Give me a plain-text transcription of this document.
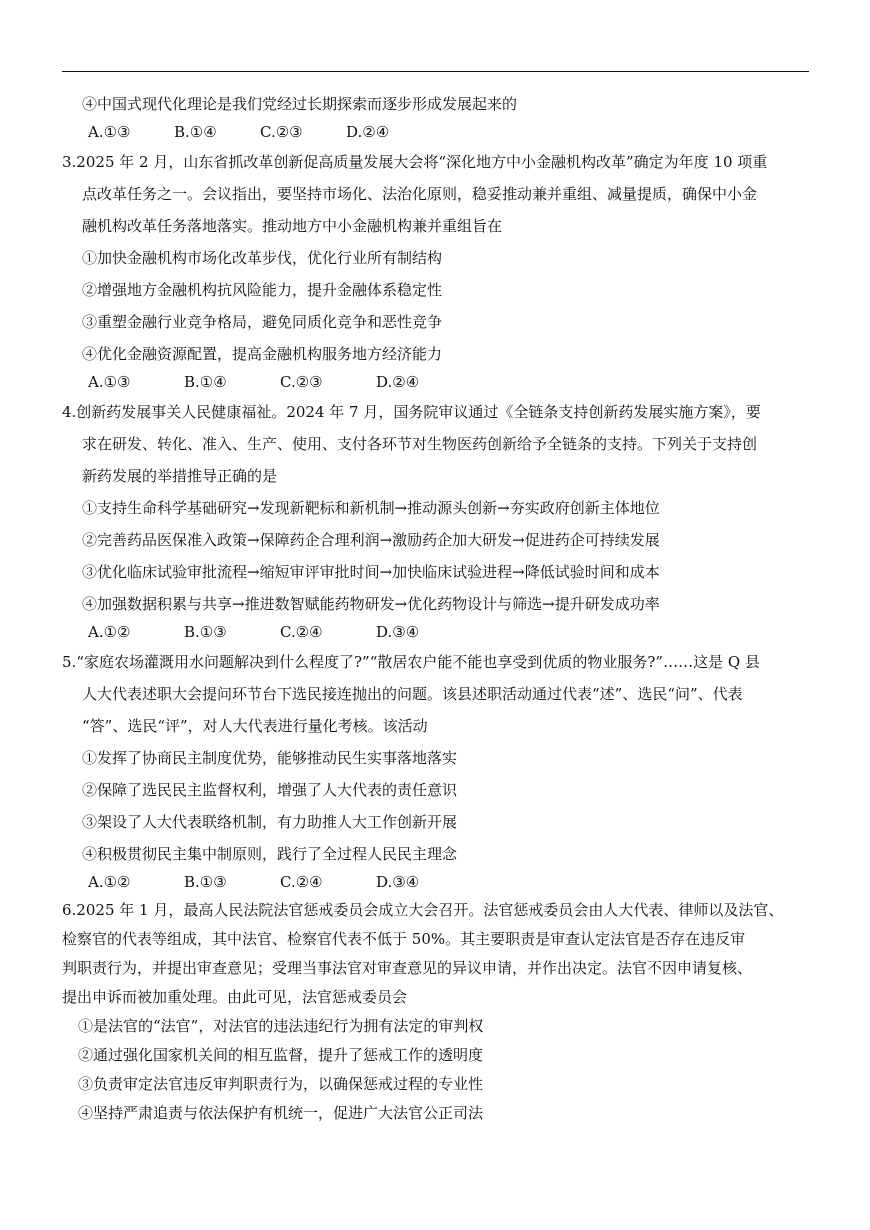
④中国式现代化理论是我们党经过长期探索而逐步形成发展起来的
A.①③	B.①④	C.②③	D.②④
3.2025 年 2 月，山东省抓改革创新促高质量发展大会将“深化地方中小金融机构改革”确定为年度 10 项重
点改革任务之一。会议指出，要坚持市场化、法治化原则，稳妥推动兼并重组、减量提质，确保中小金
融机构改革任务落地落实。推动地方中小金融机构兼并重组旨在
①加快金融机构市场化改革步伐，优化行业所有制结构
②增强地方金融机构抗风险能力，提升金融体系稳定性
③重塑金融行业竞争格局，避免同质化竞争和恶性竞争
④优化金融资源配置，提高金融机构服务地方经济能力
A.①③	B.①④	C.②③	D.②④
4.创新药发展事关人民健康福祉。2024 年 7 月，国务院审议通过《全链条支持创新药发展实施方案》，要
求在研发、转化、准入、生产、使用、支付各环节对生物医药创新给予全链条的支持。下列关于支持创
新药发展的举措推导正确的是
①支持生命科学基础研究→发现新靶标和新机制→推动源头创新→夯实政府创新主体地位
②完善药品医保准入政策→保障药企合理利润→激励药企加大研发→促进药企可持续发展
③优化临床试验审批流程→缩短审评审批时间→加快临床试验进程→降低试验时间和成本
④加强数据积累与共享→推进数智赋能药物研发→优化药物设计与筛选→提升研发成功率
A.①②	B.①③	C.②④	D.③④
5.“家庭农场灌溉用水问题解决到什么程度了?”“散居农户能不能也享受到优质的物业服务?”……这是 Q 县
人大代表述职大会提问环节台下选民接连抛出的问题。该县述职活动通过代表“述”、选民“问”、代表
“答”、选民“评”，对人大代表进行量化考核。该活动
①发挥了协商民主制度优势，能够推动民生实事落地落实
②保障了选民民主监督权利，增强了人大代表的责任意识
③架设了人大代表联络机制，有力助推人大工作创新开展
④积极贯彻民主集中制原则，践行了全过程人民民主理念
A.①②	B.①③	C.②④	D.③④
6.2025 年 1 月，最高人民法院法官惩戒委员会成立大会召开。法官惩戒委员会由人大代表、律师以及法官、
检察官的代表等组成，其中法官、检察官代表不低于 50%。其主要职责是审查认定法官是否存在违反审
判职责行为，并提出审查意见；受理当事法官对审查意见的异议申请，并作出决定。法官不因申请复核、
提出申诉而被加重处理。由此可见，法官惩戒委员会
①是法官的“法官”，对法官的违法违纪行为拥有法定的审判权
②通过强化国家机关间的相互监督，提升了惩戒工作的透明度
③负责审定法官违反审判职责行为，以确保惩戒过程的专业性
④坚持严肃追责与依法保护有机统一，促进广大法官公正司法
